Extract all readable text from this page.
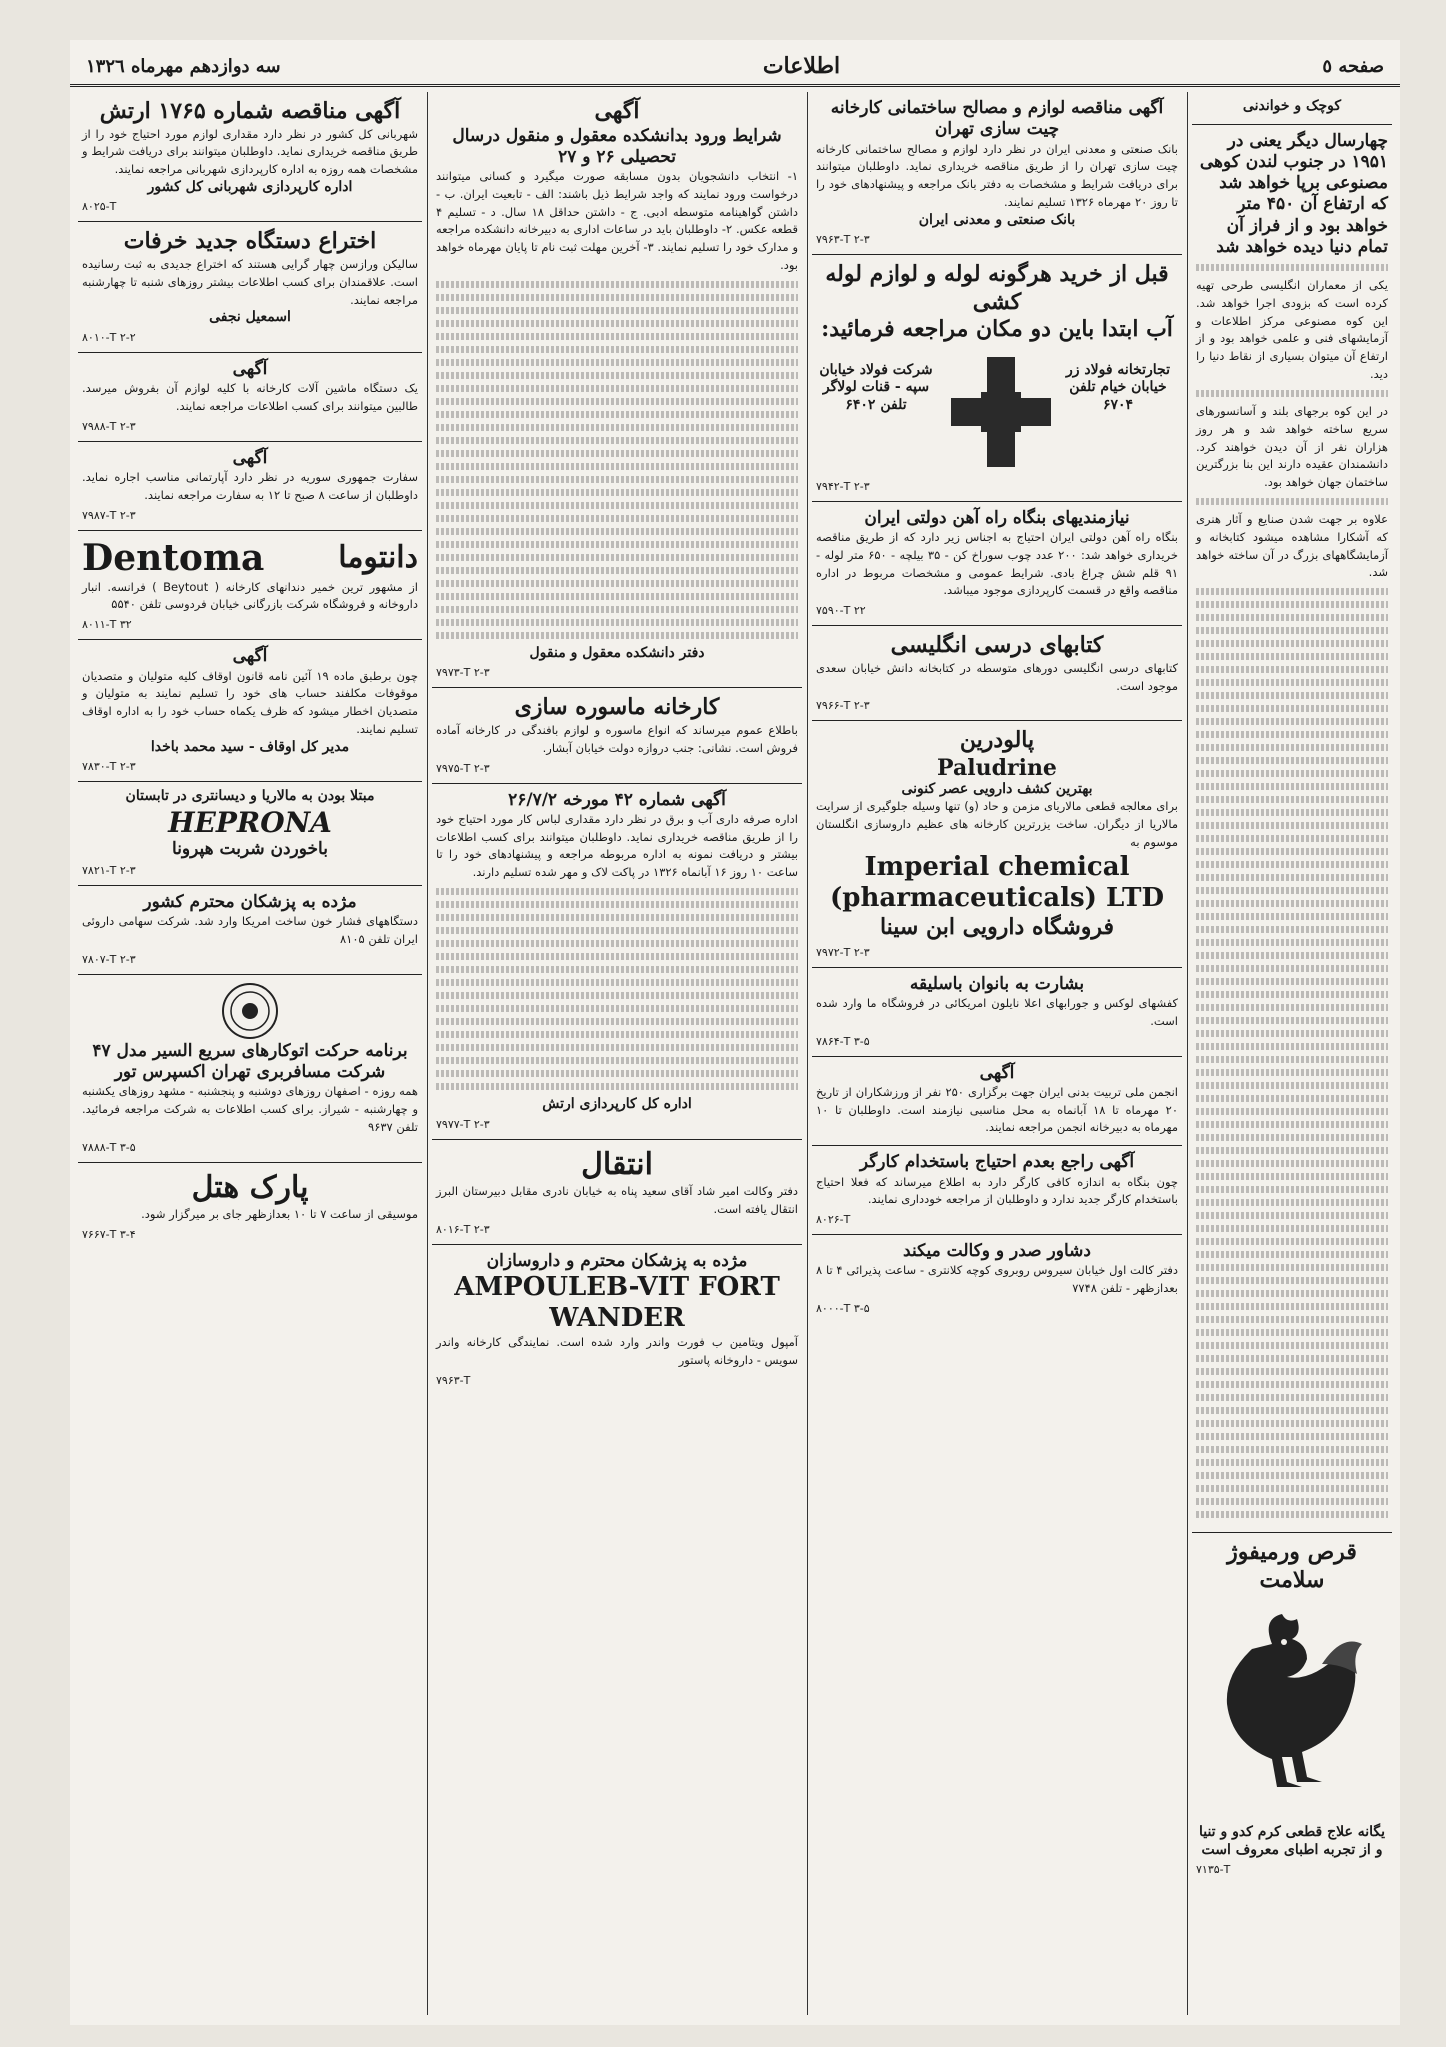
صفحه ٥
اطلاعات
سه دوازدهم مهرماه ١٣٢٦
کوچک و خواندنی
چهارسال دیگر یعنی در ۱۹۵۱ در جنوب لندن کوهی مصنوعی برپا خواهد شد که ارتفاع آن ۴۵۰ متر خواهد بود و از فراز آن تمام دنیا دیده خواهد شد
یکی از معماران انگلیسی طرحی تهیه کرده است که بزودی اجرا خواهد شد. این کوه مصنوعی مرکز اطلاعات و آزمایشهای فنی و علمی خواهد بود و از ارتفاع آن میتوان بسیاری از نقاط دنیا را دید.
در این کوه برجهای بلند و آسانسورهای سریع ساخته خواهد شد و هر روز هزاران نفر از آن دیدن خواهند کرد. دانشمندان عقیده دارند این بنا بزرگترین ساختمان جهان خواهد بود.
علاوه بر جهت شدن صنایع و آثار هنری که آشکارا مشاهده میشود کتابخانه و آزمایشگاههای بزرگ در آن ساخته خواهد شد.
قرص ورمیفوژ سلامت
یگانه علاج قطعی کرم کدو و تنیا و از تجربه اطبای معروف است
۷۱۳۵-T
آگهی مناقصه لوازم و مصالح ساختمانی کارخانه چیت سازی تهران
بانک صنعتی و معدنی ایران در نظر دارد لوازم و مصالح ساختمانی کارخانه چیت سازی تهران را از طریق مناقصه خریداری نماید. داوطلبان میتوانند برای دریافت شرایط و مشخصات به دفتر بانک مراجعه و پیشنهادهای خود را تا روز ۲۰ مهرماه ۱۳۲۶ تسلیم نمایند.
بانک صنعتی و معدنی ایران
۷۹۶۳-T ۲-۳
قبل از خرید هرگونه لوله و لوازم لوله کشی
آب ابتدا باین دو مکان مراجعه فرمائید:
شرکت فولاد خیابان سپه - قنات لولاگر تلفن ۶۴۰۲
تجارتخانه فولاد زر خیابان خیام تلفن ۶۷۰۴
۷۹۴۲-T ۲-۳
نیازمندیهای بنگاه راه آهن دولتی ایران
بنگاه راه آهن دولتی ایران احتیاج به اجناس زیر دارد که از طریق مناقصه خریداری خواهد شد: ۲۰۰ عدد چوب سوراخ کن - ۳۵ بیلچه - ۶۵۰ متر لوله - ۹۱ قلم شش چراغ بادی. شرایط عمومی و مشخصات مربوط در اداره مناقصه واقع در قسمت کارپردازی موجود میباشد.
۷۵۹۰-T ۲۲
کتابهای درسی انگلیسی
کتابهای درسی انگلیسی دورهای متوسطه در کتابخانه دانش خیابان سعدی موجود است.
۷۹۶۶-T ۲-۳
پالودرین
Paludrine
بهترین کشف دارویی عصر کنونی
برای معالجه قطعی مالاریای مزمن و حاد (و) تنها وسیله جلوگیری از سرایت مالاریا از دیگران. ساخت یزرترین کارخانه های عظیم داروسازی انگلستان موسوم به
Imperial chemical (pharmaceuticals) LTD
فروشگاه دارویی ابن سینا
۷۹۷۲-T ۲-۳
بشارت به بانوان باسلیقه
کفشهای لوکس و جورابهای اعلا نایلون امریکائی در فروشگاه ما وارد شده است.
۷۸۶۴-T ۳-۵
آگهی
انجمن ملی تربیت بدنی ایران جهت برگزاری ۲۵۰ نفر از ورزشکاران از تاریخ ۲۰ مهرماه تا ۱۸ آبانماه به محل مناسبی نیازمند است. داوطلبان تا ۱۰ مهرماه به دبیرخانه انجمن مراجعه نمایند.
آگهی راجع بعدم احتیاج باستخدام کارگر
چون بنگاه به اندازه کافی کارگر دارد به اطلاع میرساند که فعلا احتیاج باستخدام کارگر جدید ندارد و داوطلبان از مراجعه خودداری نمایند.
۸۰۲۶-T
دشاور صدر و وکالت میکند
دفتر کالت اول خیابان سیروس روبروی کوچه کلانتری - ساعت پذیرائی ۴ تا ۸ بعدازظهر - تلفن ۷۷۴۸
۸۰۰۰-T ۳-۵
آگهی
شرایط ورود بدانشکده معقول و منقول درسال تحصیلی ۲۶ و ۲۷
۱- انتخاب دانشجویان بدون مسابقه صورت میگیرد و کسانی میتوانند درخواست ورود نمایند که واجد شرایط ذیل باشند: الف - تابعیت ایران. ب - داشتن گواهینامه متوسطه ادبی. ج - داشتن حداقل ۱۸ سال. د - تسلیم ۴ قطعه عکس. ۲- داوطلبان باید در ساعات اداری به دبیرخانه دانشکده مراجعه و مدارک خود را تسلیم نمایند. ۳- آخرین مهلت ثبت نام تا پایان مهرماه خواهد بود.
دفتر دانشکده معقول و منقول
۷۹۷۳-T ۲-۳
کارخانه ماسوره سازی
باطلاع عموم میرساند که انواع ماسوره و لوازم بافندگی در کارخانه آماده فروش است. نشانی: جنب دروازه دولت خیابان آبشار.
۷۹۷۵-T ۲-۳
آگهی شماره ۴۲ مورخه ۲۶/۷/۲
اداره صرفه داری آب و برق در نظر دارد مقداری لباس کار مورد احتیاج خود را از طریق مناقصه خریداری نماید. داوطلبان میتوانند برای کسب اطلاعات بیشتر و دریافت نمونه به اداره مربوطه مراجعه و پیشنهادهای خود را تا ساعت ۱۰ روز ۱۶ آبانماه ۱۳۲۶ در پاکت لاک و مهر شده تسلیم دارند.
اداره کل کارپردازی ارتش
۷۹۷۷-T ۲-۳
انتقال
دفتر وکالت امیر شاد آقای سعید پناه به خیابان نادری مقابل دبیرستان البرز انتقال یافته است.
۸۰۱۶-T ۲-۳
مژده به پزشکان محترم و داروسازان
AMPOULEB-VIT FORT WANDER
آمپول ویتامین ب فورت واندر وارد شده است. نمایندگی کارخانه واندر سویس - داروخانه پاستور
۷۹۶۳-T
آگهی مناقصه شماره ۱۷۶۵ ارتش
شهربانی کل کشور در نظر دارد مقداری لوازم مورد احتیاج خود را از طریق مناقصه خریداری نماید. داوطلبان میتوانند برای دریافت شرایط و مشخصات همه روزه به اداره کارپردازی شهربانی مراجعه نمایند.
اداره کارپردازی شهربانی کل کشور
۸۰۲۵-T
اختراع دستگاه جدید خرفات
سالیکن ورازسن چهار گرایی هستند که اختراع جدیدی به ثبت رسانیده است. علاقمندان برای کسب اطلاعات بیشتر روزهای شنبه تا چهارشنبه مراجعه نمایند.
اسمعیل نجفی
۸۰۱۰-T ۲-۲
آگهی
یک دستگاه ماشین آلات کارخانه با کلیه لوازم آن بفروش میرسد. طالبین میتوانند برای کسب اطلاعات مراجعه نمایند.
۷۹۸۸-T ۲-۳
آگهی
سفارت جمهوری سوریه در نظر دارد آپارتمانی مناسب اجاره نماید. داوطلبان از ساعت ۸ صبح تا ۱۲ به سفارت مراجعه نمایند.
۷۹۸۷-T ۲-۳
دانتوما
Dentoma
از مشهور ترین خمیر دندانهای کارخانه ( Beytout ) فرانسه. انبار داروخانه و فروشگاه شرکت بازرگانی خیابان فردوسی تلفن ۵۵۴۰
۸۰۱۱-T ۳۲
آگهی
چون برطبق ماده ۱۹ آئین نامه قانون اوقاف کلیه متولیان و متصدیان موقوفات مکلفند حساب های خود را تسلیم نمایند به متولیان و متصدیان اخطار میشود که ظرف یکماه حساب خود را به اداره اوقاف تسلیم نمایند.
مدیر کل اوقاف - سید محمد باخدا
۷۸۳۰-T ۲-۳
مبتلا بودن به مالاریا و دیسانتری در تابستان
HEPRONA
باخوردن شربت هپرونا
۷۸۲۱-T ۲-۳
مژده به پزشکان محترم کشور
دستگاههای فشار خون ساخت امریکا وارد شد. شرکت سهامی داروئی ایران تلفن ۸۱۰۵
۷۸۰۷-T ۲-۳
برنامه حرکت اتوکارهای سریع السیر مدل ۴۷ شرکت مسافربری تهران اکسپرس تور
همه روزه - اصفهان روزهای دوشنبه و پنجشنبه - مشهد روزهای یکشنبه و چهارشنبه - شیراز. برای کسب اطلاعات به شرکت مراجعه فرمائید. تلفن ۹۶۳۷
۷۸۸۸-T ۳-۵
پارک هتل
موسیقی از ساعت ۷ تا ۱۰ بعدازظهر جای بر میرگزار شود.
۷۶۶۷-T ۳-۴
